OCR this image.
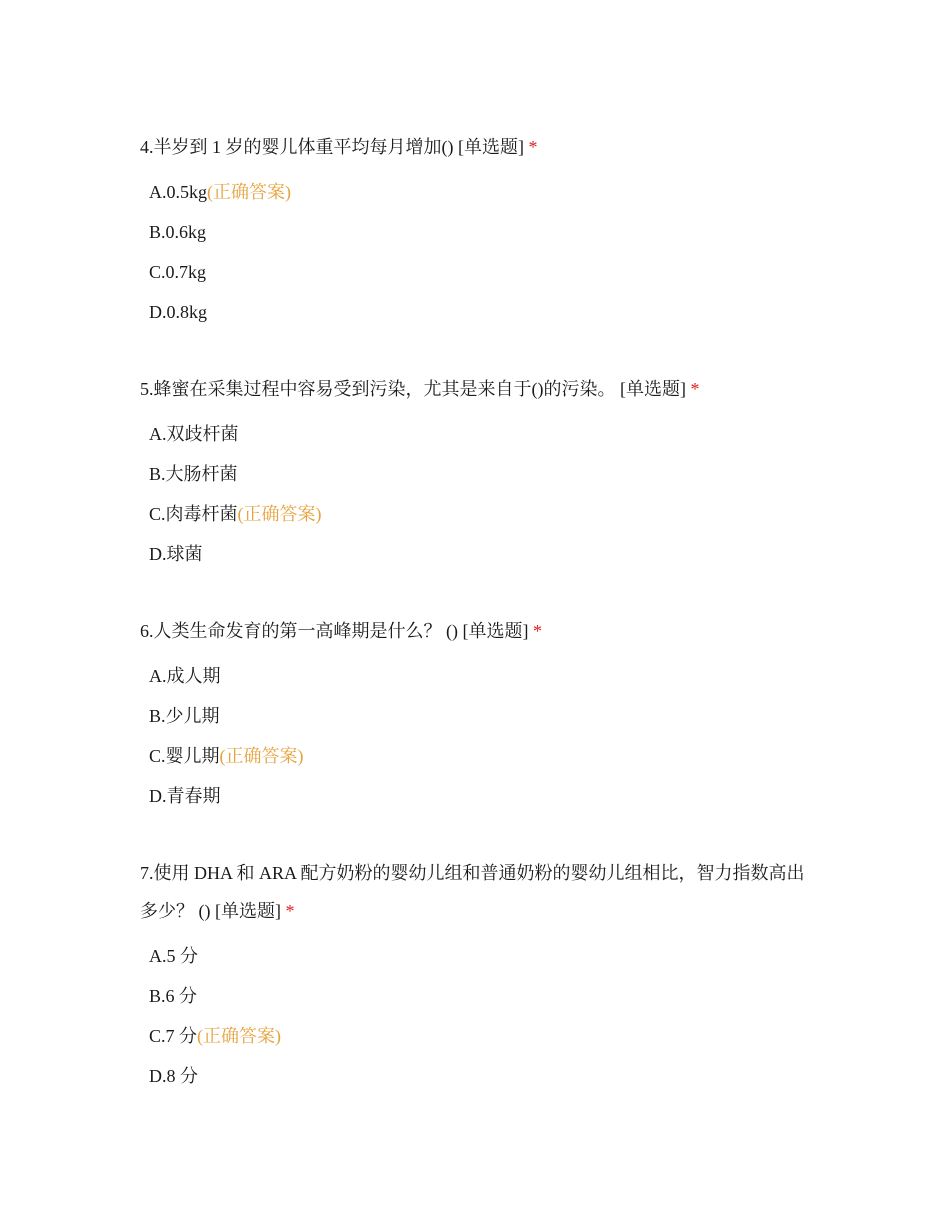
4.半岁到 1 岁的婴儿体重平均每月增加() [单选题] *

A.0.5kg(正确答案)
B.0.6kg
C.0.7kg
D.0.8kg

5.蜂蜜在采集过程中容易受到污染，尤其是来自于()的污染。 [单选题] *

A.双歧杆菌
B.大肠杆菌
C.肉毒杆菌(正确答案)
D.球菌

6.人类生命发育的第一高峰期是什么？ () [单选题] *

A.成人期
B.少儿期
C.婴儿期(正确答案)
D.青春期

7.使用 DHA 和 ARA 配方奶粉的婴幼儿组和普通奶粉的婴幼儿组相比，智力指数高出多少？ () [单选题] *

A.5 分
B.6 分
C.7 分(正确答案)
D.8 分
